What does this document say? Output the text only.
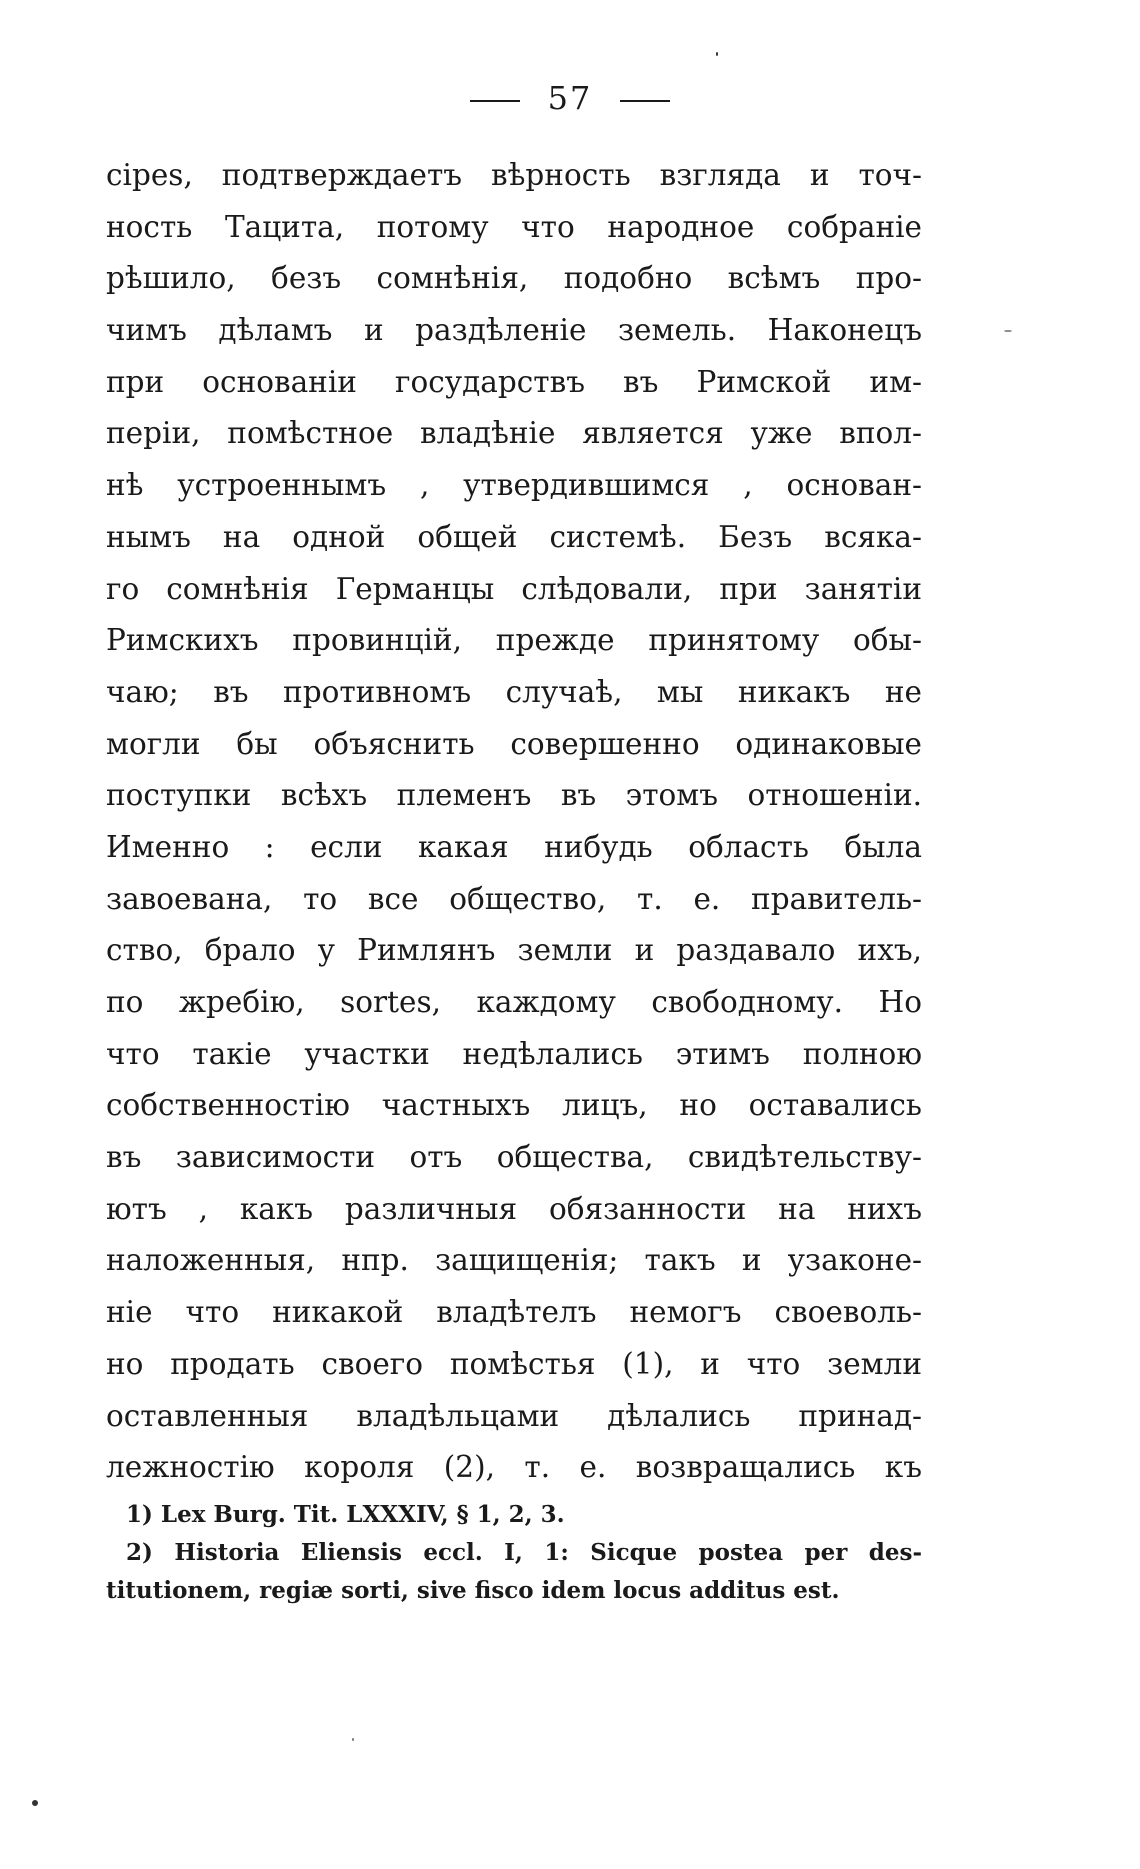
57
cipes, подтверждаетъ вѣрность взгляда и точ-
ность Тацита, потому что народное собраніе
рѣшило, безъ сомнѣнія, подобно всѣмъ про-
чимъ дѣламъ и раздѣленіе земель. Наконецъ
при основаніи государствъ въ Римской им-
періи, помѣстное владѣніе является уже впол-
нѣ устроеннымъ , утвердившимся , основан-
нымъ на одной общей системѣ. Безъ всяка-
го сомнѣнія Германцы слѣдовали, при занятіи
Римскихъ провинцій, прежде принятому обы-
чаю; въ противномъ случаѣ, мы никакъ не
могли бы объяснить совершенно одинаковые
поступки всѣхъ племенъ въ этомъ отношеніи.
Именно : если какая нибудь область была
завоевана, то все общество, т. е. правитель-
ство, брало у Римлянъ земли и раздавало ихъ,
по жребію, sortes, каждому свободному. Но
что такіе участки недѣлались этимъ полною
собственностію частныхъ лицъ, но оставались
въ зависимости отъ общества, свидѣтельству-
ютъ , какъ различныя обязанности на нихъ
наложенныя, нпр. защищенія; такъ и узаконе-
ніе что никакой владѣтелъ немогъ своеволь-
но продать своего помѣстья (1), и что земли
оставленныя владѣльцами дѣлались принад-
лежностію короля (2), т. е. возвращались къ
1) Lex Burg. Tit. LXXXIV, § 1, 2, 3.
2) Historia Eliensis eccl. I, 1: Sicque postea per des-
titutionem, regiæ sorti, sive fisco idem locus additus est.
